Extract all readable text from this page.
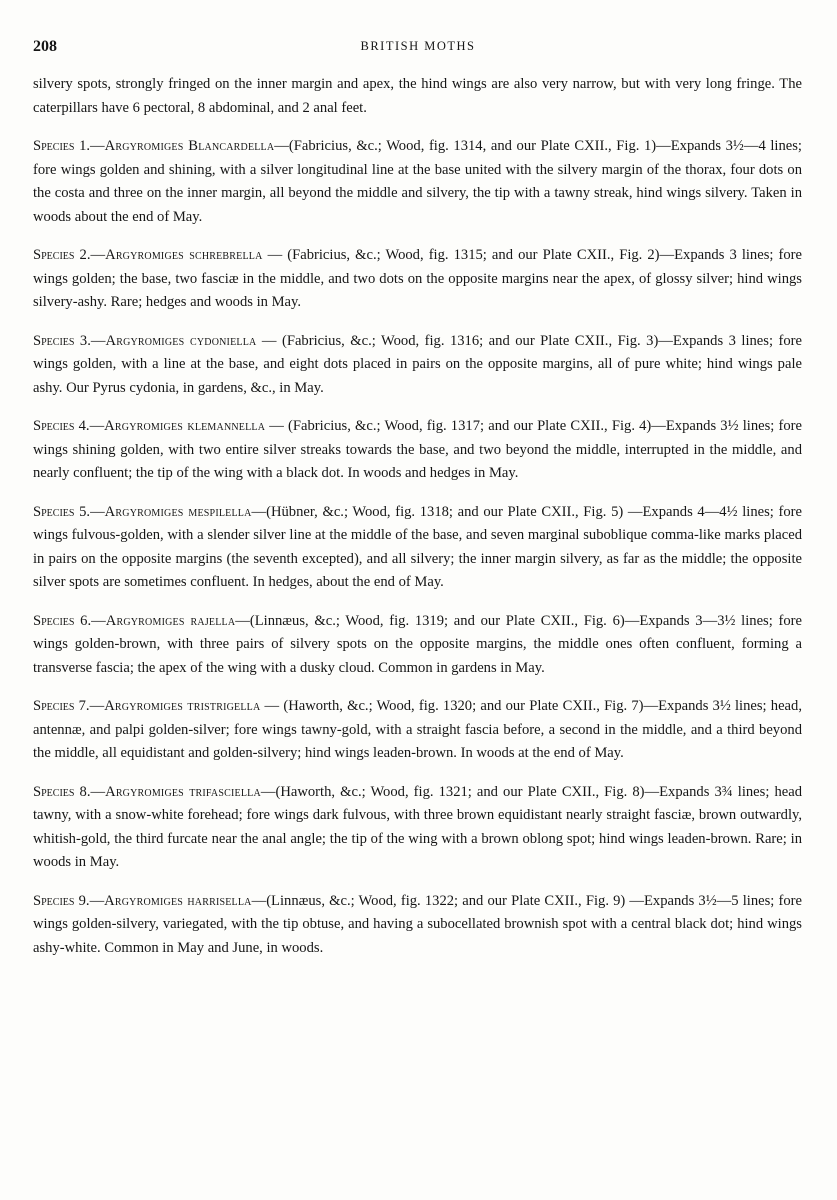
208	BRITISH MOTHS

silvery spots, strongly fringed on the inner margin and apex, the hind wings are also very narrow, but with very long fringe. The caterpillars have 6 pectoral, 8 abdominal, and 2 anal feet.

Species 1.—Argyromiges Blancardella—(Fabricius, &c.; Wood, fig. 1314, and our Plate CXII., Fig. 1)—Expands 3½—4 lines; fore wings golden and shining, with a silver longitudinal line at the base united with the silvery margin of the thorax, four dots on the costa and three on the inner margin, all beyond the middle and silvery, the tip with a tawny streak, hind wings silvery. Taken in woods about the end of May.

Species 2.—Argyromiges schrebrella — (Fabricius, &c.; Wood, fig. 1315; and our Plate CXII., Fig. 2)—Expands 3 lines; fore wings golden; the base, two fasciæ in the middle, and two dots on the opposite margins near the apex, of glossy silver; hind wings silvery-ashy. Rare; hedges and woods in May.

Species 3.—Argyromiges cydoniella — (Fabricius, &c.; Wood, fig. 1316; and our Plate CXII., Fig. 3)—Expands 3 lines; fore wings golden, with a line at the base, and eight dots placed in pairs on the opposite margins, all of pure white; hind wings pale ashy. Our Pyrus cydonia, in gardens, &c., in May.

Species 4.—Argyromiges klemannella — (Fabricius, &c.; Wood, fig. 1317; and our Plate CXII., Fig. 4)—Expands 3½ lines; fore wings shining golden, with two entire silver streaks towards the base, and two beyond the middle, interrupted in the middle, and nearly confluent; the tip of the wing with a black dot. In woods and hedges in May.

Species 5.—Argyromiges mespilella—(Hübner, &c.; Wood, fig. 1318; and our Plate CXII., Fig. 5) —Expands 4—4½ lines; fore wings fulvous-golden, with a slender silver line at the middle of the base, and seven marginal suboblique comma-like marks placed in pairs on the opposite margins (the seventh excepted), and all silvery; the inner margin silvery, as far as the middle; the opposite silver spots are sometimes confluent. In hedges, about the end of May.

Species 6.—Argyromiges rajella—(Linnæus, &c.; Wood, fig. 1319; and our Plate CXII., Fig. 6)—Expands 3—3½ lines; fore wings golden-brown, with three pairs of silvery spots on the opposite margins, the middle ones often confluent, forming a transverse fascia; the apex of the wing with a dusky cloud. Common in gardens in May.

Species 7.—Argyromiges tristrigella — (Haworth, &c.; Wood, fig. 1320; and our Plate CXII., Fig. 7)—Expands 3½ lines; head, antennæ, and palpi golden-silver; fore wings tawny-gold, with a straight fascia before, a second in the middle, and a third beyond the middle, all equidistant and golden-silvery; hind wings leaden-brown. In woods at the end of May.

Species 8.—Argyromiges trifasciella—(Haworth, &c.; Wood, fig. 1321; and our Plate CXII., Fig. 8)—Expands 3¾ lines; head tawny, with a snow-white forehead; fore wings dark fulvous, with three brown equidistant nearly straight fasciæ, brown outwardly, whitish-gold, the third furcate near the anal angle; the tip of the wing with a brown oblong spot; hind wings leaden-brown. Rare; in woods in May.

Species 9.—Argyromiges harrisella—(Linnæus, &c.; Wood, fig. 1322; and our Plate CXII., Fig. 9) —Expands 3½—5 lines; fore wings golden-silvery, variegated, with the tip obtuse, and having a subocellated brownish spot with a central black dot; hind wings ashy-white. Common in May and June, in woods.
